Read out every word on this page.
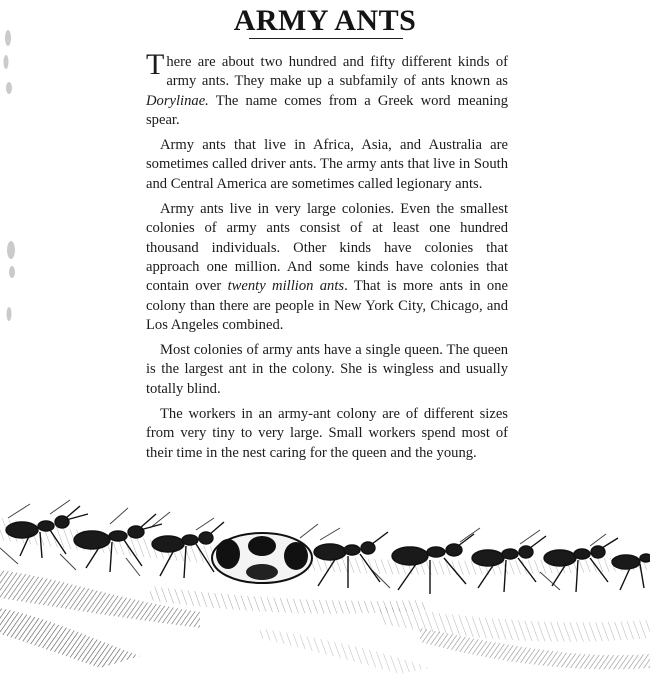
ARMY ANTS

There are about two hundred and fifty different kinds of army ants. They make up a subfamily of ants known as Dorylinae. The name comes from a Greek word meaning spear.

Army ants that live in Africa, Asia, and Australia are sometimes called driver ants. The army ants that live in South and Central America are sometimes called legionary ants.

Army ants live in very large colonies. Even the smallest colonies of army ants consist of at least one hundred thousand individuals. Other kinds have colonies that approach one million. And some kinds have colonies that contain over twenty million ants. That is more ants in one colony than there are people in New York City, Chicago, and Los Angeles combined.

Most colonies of army ants have a single queen. The queen is the largest ant in the colony. She is wingless and usually totally blind.

The workers in an army-ant colony are of different sizes from very tiny to very large. Small workers spend most of their time in the nest caring for the queen and the young.
